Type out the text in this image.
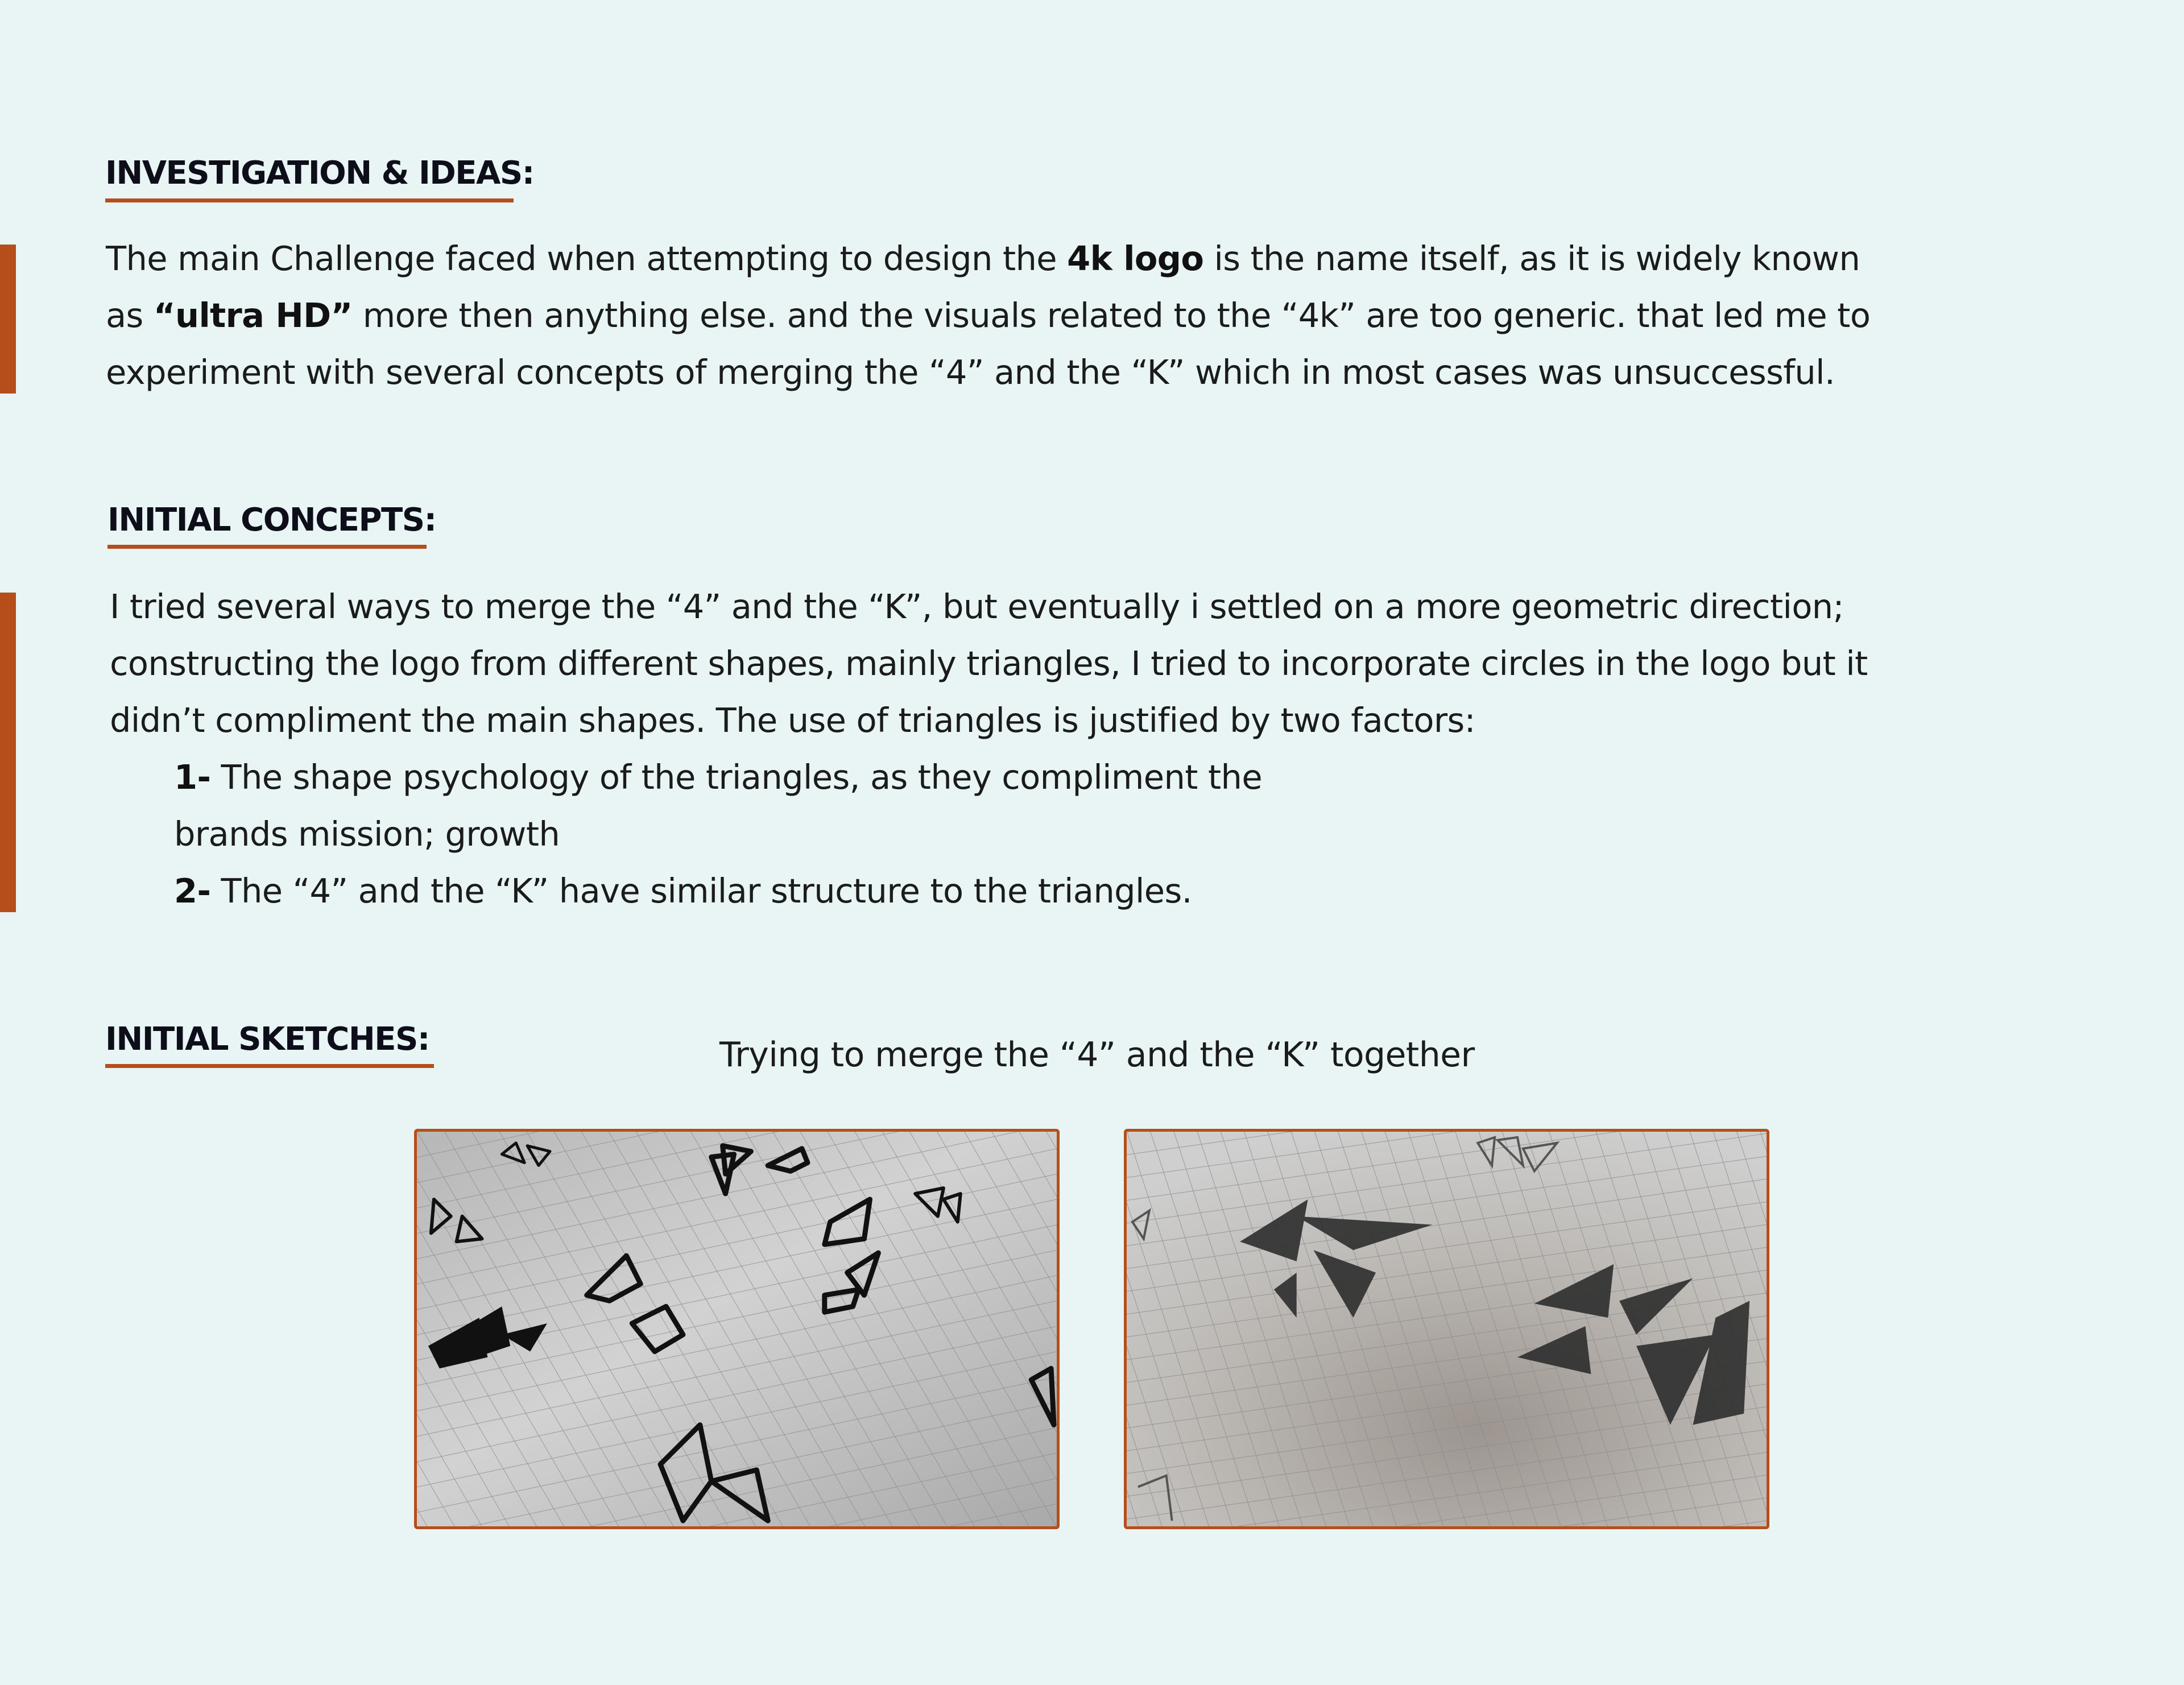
INVESTIGATION & IDEAS:
The main Challenge faced when attempting to design the 4k logo is the name itself, as it is widely known
as “ultra HD” more then anything else. and the visuals related to the “4k” are too generic. that led me to
experiment with several concepts of merging the “4” and the “K” which in most cases was unsuccessful.
INITIAL CONCEPTS:
I tried several ways to merge the “4” and the “K”, but eventually i settled on a more geometric direction;
constructing the logo from different shapes, mainly triangles, I tried to incorporate circles in the logo but it
didn’t compliment the main shapes. The use of triangles is justified by two factors:
1- The shape psychology of the triangles, as they compliment the
brands mission; growth
2- The “4” and the “K” have similar structure to the triangles.
INITIAL SKETCHES:	Trying to merge the “4” and the “K” together
